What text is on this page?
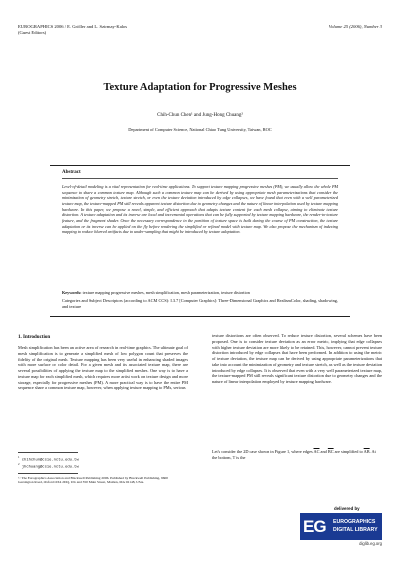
EUROGRAPHICS 2006 / E. Gröller and L. Szirmay-Kalos
(Guest Editors)
Volume 25 (2006), Number 3
Texture Adaptation for Progressive Meshes
Chih-Chun Chen¹ and Jung-Hong Chuang²
Department of Computer Science, National Chiao Tung University, Taiwan, ROC
Abstract
Level-of-detail modeling is a vital representation for real-time applications. To support texture mapping progressive meshes (PM), we usually allow the whole PM sequence to share a common texture map. Although such a common texture map can be derived by using appropriate mesh parameterizations that consider the minimization of geometry stretch, texture stretch, or even the texture deviation introduced by edge collapses, we have found that even with a well parameterized texture map, the texture-mapped PM still reveals apparent texture distortion due to geometry changes and the nature of linear interpolation used by texture mapping hardware. In this paper, we propose a novel, simple, and efficient approach that adapts texture content for each mesh collapse, aiming to eliminate texture distortion. A texture adaptation and its inverse are local and incremental operations that can be fully supported by texture mapping hardware, the render-to-texture feature, and the fragment shader. Once the necessary correspondence in the partition of texture space is built during the course of PM construction, the texture adaptation or its inverse can be applied on the fly before rendering the simplified or refined model with texture map. We also propose the mechanism of indexing mapping to reduce blurred artifacts due to under-sampling that might be introduced by texture adaptation.
Keywords: texture mapping progressive meshes, mesh simplification, mesh parameterization, texture distortion
Categories and Subject Descriptors (according to ACM CCS): I.3.7 [Computer Graphics]: Three-Dimensional Graphics and RealismColor, shading, shadowing, and texture
1. Introduction
Mesh simplification has been an active area of research in real-time graphics. The ultimate goal of mesh simplification is to generate a simplified mesh of low polygon count that preserves the fidelity of the original mesh. Texture mapping has been very useful in enhancing shaded images with more surface or color detail. For a given mesh and its associated texture map, there are several possibilities of applying the texture map to the simplified meshes. One way is to have a texture map for each simplified mesh, which requires more artist work on texture design and more storage, especially for progressive meshes (PM). A more practical way is to have the entire PM sequence share a common texture map, however, when applying texture mapping to PMs, serious
texture distortions are often observed. To reduce texture distortion, several schemes have been proposed. One is to consider texture deviation as an error metric, implying that edge collapses with higher texture deviation are more likely to be retained. This, however, cannot prevent texture distortion introduced by edge collapses that have been performed. In addition to using the metric of texture deviation, the texture map can be derived by using appropriate parameterizations that take into account the minimization of geometry and texture stretch, as well as the texture deviation introduced by edge collapses. It is observed that even with a very well parameterized texture map, the texture-mapped PM still reveals significant texture distortion due to geometry changes and the nature of linear interpolation employed by texture mapping hardware.
Let's consider the 2D case shown in Figure 1, where edges $\overline{AC}$ and $\overline{BC}$ are simplified to $\overline{AB}$. At the bottom, T is the
$^1$ chihchun@csie.nctu.edu.tw
$^2$ jhchuang@csie.nctu.edu.tw
© The Eurographics Association and Blackwell Publishing 2006. Published by Blackwell Publishing, 9600 Garsington Road, Oxford OX4 2DQ, UK and 350 Main Street, Malden, MA 02148, USA.
delivered by
EG	EUROGRAPHICS
DIGITAL LIBRARY
diglib.eg.org
